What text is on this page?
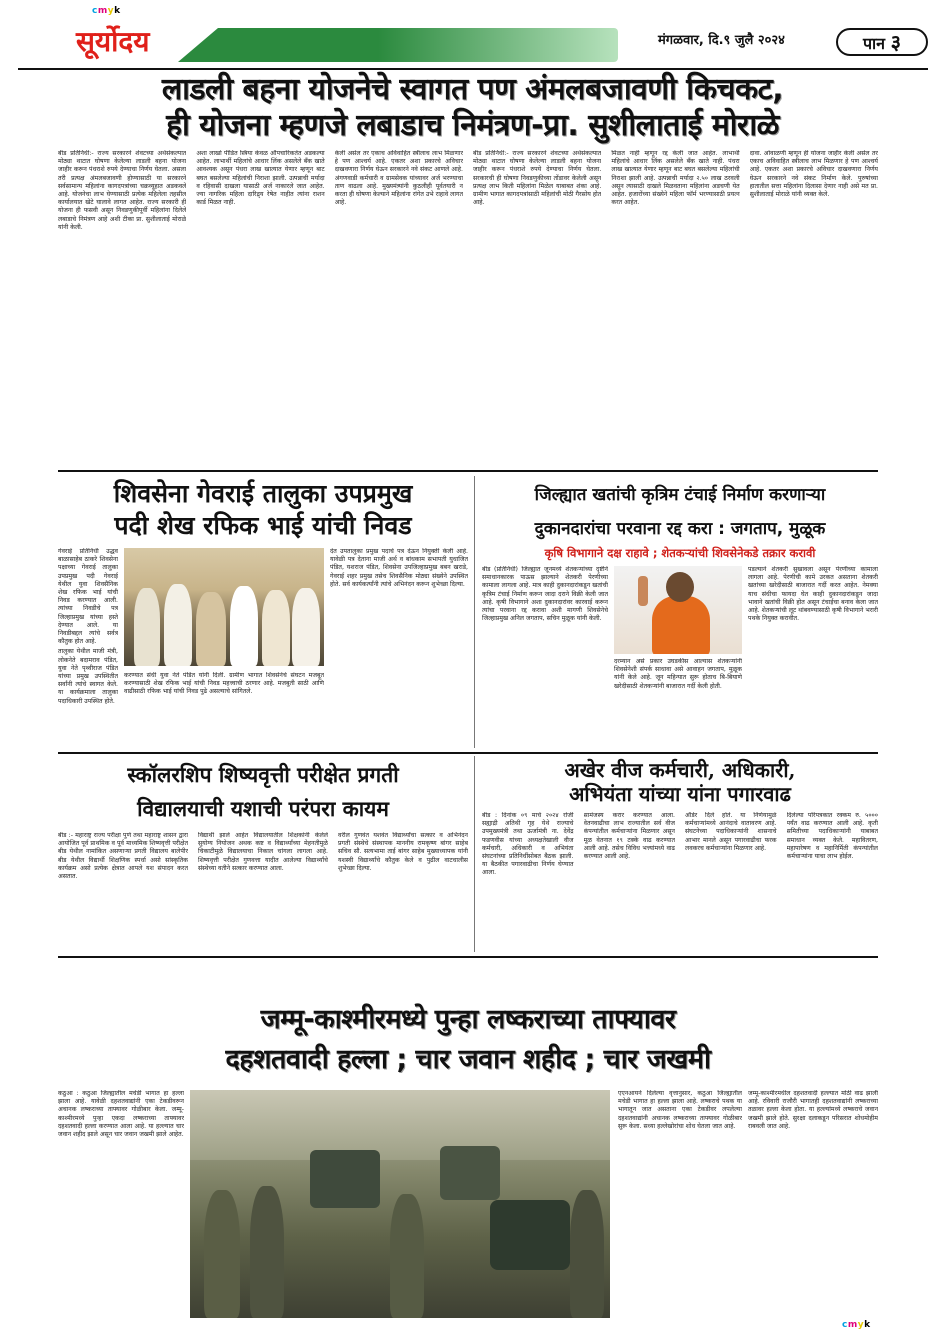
cmyk
cmyk
सूर्योदय	मंगळवार, दि.९ जुलै २०२४	पान ३
लाडली बहना योजनेचे स्वागत पण अंमलबजावणी किचकट,
ही योजना म्हणजे लबाडाच निमंत्रण-प्रा. सुशीलाताई मोराळे
बीड प्रतिनिधी:- राज्य सरकारने शेवटच्या अर्थसंकल्पात मोठ्या थाटात घोषणा केलेल्या लाडली बहना योजना जाहीर करून पंधराशे रुपये देण्याचा निर्णय घेतला. असला तरी प्रत्यक्ष अंमलबजावणी होण्यासाठी या सरकारने सर्वसामान्य महिलांना कागदपत्रांच्या चक्रव्यूहात अडकवले आहे. योजनेचा लाभ घेण्यासाठी प्रत्येक महिलेला तहसील कार्यालयात खेटे घालावे लागत आहेत. राज्य सरकारी ही योजना ही फसवी असून निवडणुकीपूर्वी महिलांना दिलेले लबाडाचे निमंत्रण आहे अशी टीका प्रा. सुशीलाताई मोराळे यांनी केली.
अशा लाखो पीडित स्त्रिया केवळ औपचारिकतेत अडकल्या आहेत. लाभार्थी महिलांचे आधार लिंक असलेले बँक खाते आवश्यक असून पंधरा लाख खात्यात येणार म्हणून बाट बघत बसलेल्या महिलांची निराशा झाली. उत्पन्नाची मर्यादा व रहिवासी दाखला यासाठी अर्ज नाकारले जात आहेत. ज्या नागरिक महिला दारिद्र्य रेषेत नाहीत त्यांना राशन कार्ड मिळत नाही.
केली असेल तर एकाच अविवाहित स्त्रीलाच लाभ मिळणार हे पण आश्चर्य आहे. एकतर अशा प्रकारचे अविचार दाखवणारा निर्णय घेऊन सरकारने नवे संकट आणले आहे. अंगणवाडी कर्मचारी व ग्रामसेवक यांच्यावर अर्ज भरण्याचा ताण वाढला आहे. मुख्यमंत्र्यांनी कुठलीही पूर्वतयारी न करता ही घोषणा केल्याने महिलांना रांगेत उभे राहावे लागत आहे.
बीड प्रतिनिधी:- राज्य सरकारने शेवटच्या अर्थसंकल्पात मोठ्या थाटात घोषणा केलेल्या लाडली बहना योजना जाहीर करून पंधराशे रुपये देण्याचा निर्णय घेतला. सरकारची ही घोषणा निवडणुकीच्या तोंडावर केलेली असून प्रत्यक्ष लाभ किती महिलांना मिळेल याबाबत शंका आहे. ग्रामीण भागात कागदपत्रांसाठी महिलांची मोठी गैरसोय होत आहे.
मिळत नाही म्हणून रद्द केली जात आहेत. लाभार्थी महिलांचे आधार लिंक असलेले बँक खाते नाही. पंधरा लाख खात्यात येणार म्हणून बाट बघत बसलेल्या महिलांची निराशा झाली आहे. उत्पन्नाची मर्यादा २.५० लाख ठरवली असून त्यासाठी दाखले मिळवताना महिलांना अडचणी येत आहेत. हजारोंच्या संख्येने महिला फॉर्म भरण्यासाठी प्रयत्न करत आहेत.
दावा. ओवाळणी म्हणून ही योजना जाहीर केली असेल तर एकाच अविवाहित स्त्रीलाच लाभ मिळणार हे पण आश्चर्य आहे. एकतर अशा प्रकारचे अविचार दाखवणारा निर्णय घेऊन सरकारने नवे संकट निर्माण केले. पुरुषांच्या हातातील सत्ता महिलांना दिलासा देणार नाही असे मत प्रा. सुशीलाताई मोराळे यांनी व्यक्त केले.
शिवसेना गेवराई तालुका उपप्रमुख
पदी शेख रफिक भाई यांची निवड

गेवराई प्रतिनिधी उद्धव बाळासाहेब ठाकरे शिवसेना पक्षाच्या गेवराई तालुका उपप्रमुख पदी गेवराई येथील युवा शिवसैनिक शेख रफिक भाई यांची निवड करण्यात आली. त्यांच्या निवडीचे पत्र जिल्हाप्रमुख यांच्या हस्ते देण्यात आले. या निवडीबद्दल त्यांचे सर्वत्र कौतुक होत आहे.

तालुका येथील माजी मंत्री, लोकनेते बदामराव पंडित, युवा नेते पृथ्वीराज पंडित यांच्या प्रमुख उपस्थितीत सर्वांनी त्यांचे स्वागत केले. या कार्यक्रमाला तालुका पदाधिकारी उपस्थित होते.

देत उपतालुका प्रमुख पदाचे पत्र देऊन नियुक्ती केली आहे. यावेळी पत्र देताना माजी अर्थ व बांधकाम सभापती युधाजित पंडित, यशराज पंडित, शिवसेना उपजिल्हाप्रमुख बबन खराडे, गेवराई शहर प्रमुख तसेच शिवसैनिक मोठ्या संख्येने उपस्थित होते. सर्व कार्यकर्त्यांनी त्यांचे अभिनंदन करून शुभेच्छा दिल्या.
करण्यात संधी युवा नेते पंडित यांनी दिली. ग्रामीण भागात शिवसेनेचे संघटन मजबूत करण्यासाठी शेख रफिक भाई यांची निवड महत्त्वाची ठरणार आहे. मजबुती साठी आणि वाढीसाठी रफिक भाई यांची निवड पुढे असल्याचे सांगितले.
जिल्ह्यात खतांची कृत्रिम टंचाई निर्माण करणाऱ्या
दुकानदारांचा परवाना रद्द करा : जगताप, मुळूक
कृषि विभागाने दक्ष राहावे ; शेतकऱ्यांची शिवसेनेकडे तक्रार करावी
बीड (प्रतिनिधी) जिल्ह्यात जूनमध्ये शेतकऱ्यांच्या दृष्टीने समाधानकारक पाऊस झाल्याने शेतकरी पेरणीच्या कामाला लागला आहे. मात्र काही दुकानदारांकडून खतांची कृत्रिम टंचाई निर्माण करून जादा दराने विक्री केली जात आहे. कृषी विभागाने अशा दुकानदारांवर कारवाई करून त्यांचा परवाना रद्द करावा अशी मागणी शिवसेनेचे जिल्हाप्रमुख अनिल जगताप, सचिन मुळूक यांनी केली.
दरम्यान असे प्रकार उघडकीस आल्यास शेतकऱ्यांनी शिवसेनेशी संपर्क साधावा असे आवाहन जगताप, मुळूक यांनी केले आहे. जून महिन्यात सुरू होताच बि-बियाणे खरेदीसाठी शेतकऱ्यांनी बाजारात गर्दी केली होती.
पडल्याने शेतकरी सुखावला असून पेरणीच्या कामाला लागला आहे. पेरणीची कामे उरकत असताना शेतकरी खतांच्या खरेदीसाठी बाजारात गर्दी करत आहेत. नेमक्या याच संधीचा फायदा घेत काही दुकानदारांकडून जादा भावाने खतांची विक्री होत असून टंचाईचा बनाव केला जात आहे. शेतकऱ्यांची लूट थांबवण्यासाठी कृषी विभागाने भरारी पथके नियुक्त करावीत.
स्कॉलरशिप शिष्यवृत्ती परीक्षेत प्रगती
विद्यालयाची यशाची परंपरा कायम
बीड :- महाराष्ट्र राज्य परीक्षा पुणे तथा महाराष्ट्र शासन द्वारा आयोजित पूर्व प्राथमिक व पूर्व माध्यमिक शिष्यवृत्ती परीक्षेत बीड येथील नामांकित असणाऱ्या प्रगती विद्यालय बालेपीर बीड येथील विद्यार्थी शिक्षणिक स्पर्धा असो सांस्कृतिक कार्यक्रम असो प्रत्येक क्षेत्रात आपले यश संपादन करत असतात.
विद्यार्थी झाले आहेत विद्यालयातील शिक्षकांनी केलेले सुयोग्य नियोजन अथक कष्ट व विद्यार्थ्यांच्या मेहनतीमुळे चिकाटीमुळे विद्यालयाचा निकाल चांगला लागला आहे. शिष्यवृत्ती परीक्षेत गुणवत्ता यादीत आलेल्या विद्यार्थ्यांचे संस्थेच्या वतीने सत्कार करण्यात आला.
वरील गुणवंत यशवंत विद्यार्थ्यांचा सत्कार व अभिनंदन प्रगती संस्थेचे संस्थापक माननीय रामकृष्ण बांगर साहेब सचिव सौ. सत्यभामा ताई बांगर साहेब मुख्याध्यापक यांनी यशस्वी विद्यार्थ्यांचे कौतुक केले व पुढील वाटचालीस शुभेच्छा दिल्या.
अखेर वीज कर्मचारी, अधिकारी,
अभियंता यांच्या यांना पगारवाढ
बीड : दिनांक ०९ मार्च २०२४ रोजी सह्याद्री अतिथी गृह येथे राज्याचे उपमुख्यमंत्री तथा ऊर्जामंत्री ना. देवेंद्र फडणवीस यांच्या अध्यक्षतेखाली वीज कर्मचारी, अधिकारी व अभियंता संघटनांच्या प्रतिनिधींसोबत बैठक झाली. या बैठकीत पगारवाढीचा निर्णय घेण्यात आला.
सामंजस्य करार करण्यात आला. वेतनवाढीचा लाभ राज्यातील सर्व वीज कंपन्यांतील कर्मचाऱ्यांना मिळणार असून मूळ वेतनात १९ टक्के वाढ करण्यात आली आहे. तसेच विविध भत्त्यांमध्ये वाढ करण्यात आली आहे.
ऑर्डर दिले होते. या निर्णयामुळे कर्मचाऱ्यांमध्ये आनंदाचे वातावरण आहे. संघटनेच्या पदाधिकाऱ्यांनी शासनाचे आभार मानले असून पगारवाढीचा फरक लवकरच कर्मचाऱ्यांना मिळणार आहे.
दिलेल्या परिपत्रकात रक्कम रु. ५००० पर्यंत वाढ करण्यात आली आहे. कृती समितीच्या पदाधिकाऱ्यांनी याबाबत समाधान व्यक्त केले. महावितरण, महापारेषण व महानिर्मिती कंपन्यांतील कर्मचाऱ्यांना याचा लाभ होईल.
जम्मू-काश्मीरमध्ये पुन्हा लष्कराच्या ताफ्यावर
दहशतवादी हल्ला ; चार जवान शहीद ; चार जखमी
कठुआ : कठुआ जिल्ह्यातील मचेडी भागात हा हल्ला झाला आहे. यावेळी दहशतवाद्यांनी एका टेकडीवरून अचानक लष्कराच्या ताफ्यावर गोळीबार केला. जम्मू-काश्मीरमध्ये पुन्हा एकदा लष्कराच्या ताफ्यावर दहशतवादी हल्ला करण्यात आला आहे. या हल्ल्यात चार जवान शहीद झाले असून चार जवान जखमी झाले आहेत.
एएनआयने दिलेल्या वृत्तानुसार, कठुआ जिल्ह्यातील मचेडी भागात हा हल्ला झाला आहे. लष्कराचे पथक या भागातून जात असताना एका टेकडीवर लपलेल्या दहशतवाद्यांनी अचानक लष्कराच्या ताफ्यावर गोळीबार सुरू केला. सध्या हल्लेखोरांचा शोध घेतला जात आहे.
जम्मू-काश्मीरमधील दहशतवादी हल्ल्यात मोठी वाढ झाली आहे. रविवारी राजौरी भागातही दहशतवाद्यांनी लष्कराच्या तळावर हल्ला केला होता. या हल्ल्यांमध्ये लष्कराचे जवान जखमी झाले होते. सुरक्षा दलाकडून परिसरात शोधमोहीम राबवली जात आहे.
